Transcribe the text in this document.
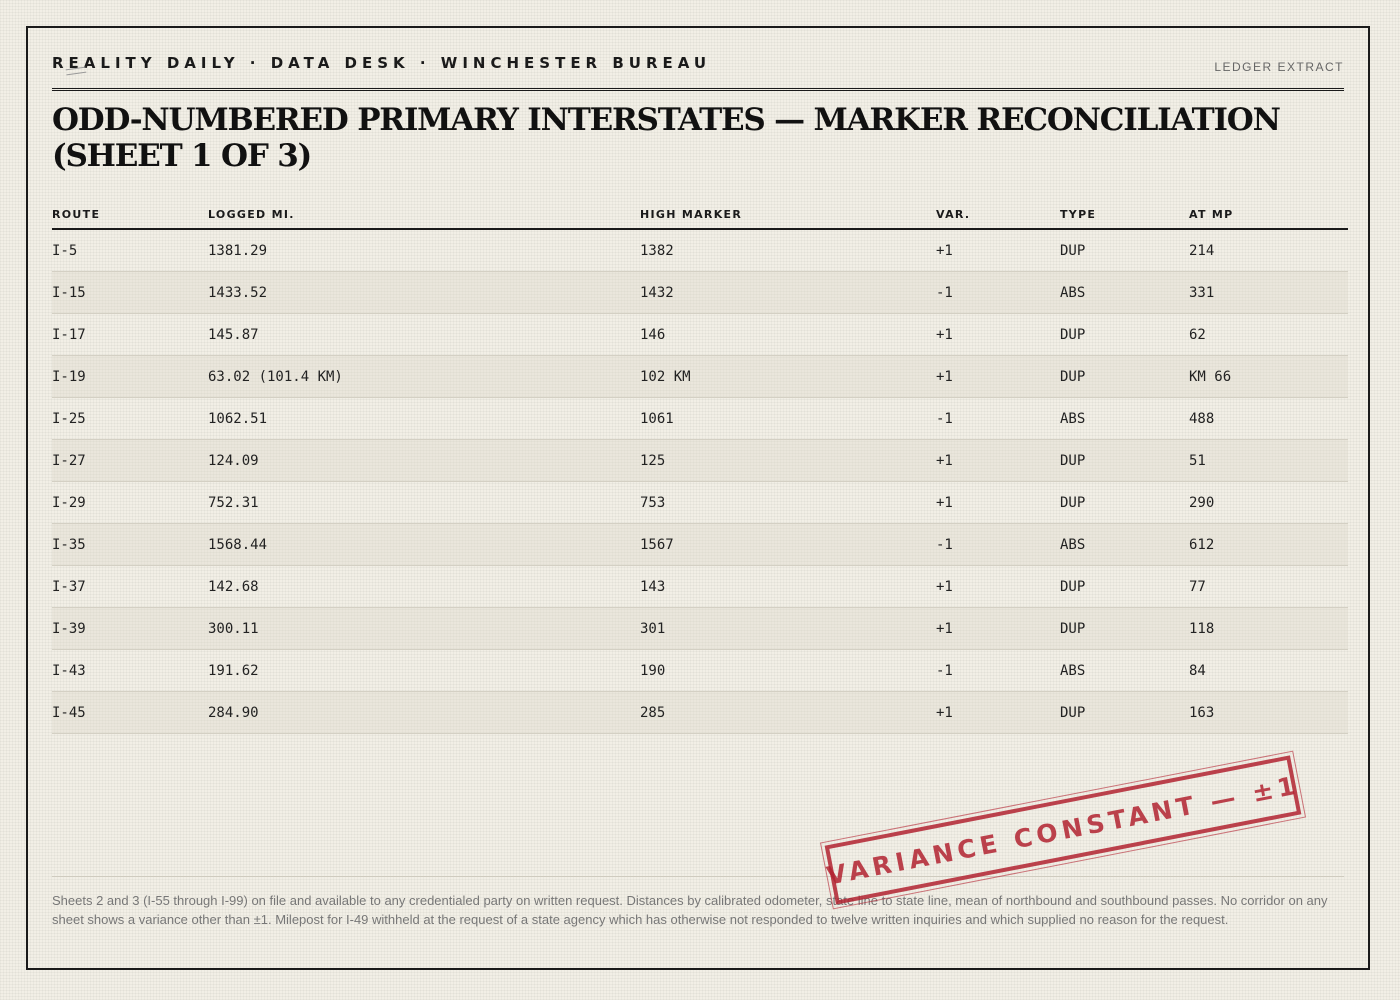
REALITY DAILY · DATA DESK · WINCHESTER BUREAU	LEDGER EXTRACT
ODD-NUMBERED PRIMARY INTERSTATES — MARKER RECONCILIATION (SHEET 1 OF 3)
ROUTE	LOGGED MI.	HIGH MARKER	VAR.	TYPE	AT MP
I-5	1381.29	1382	+1	DUP	214
I-15	1433.52	1432	-1	ABS	331
I-17	145.87	146	+1	DUP	62
I-19	63.02 (101.4 KM)	102 KM	+1	DUP	KM 66
I-25	1062.51	1061	-1	ABS	488
I-27	124.09	125	+1	DUP	51
I-29	752.31	753	+1	DUP	290
I-35	1568.44	1567	-1	ABS	612
I-37	142.68	143	+1	DUP	77
I-39	300.11	301	+1	DUP	118
I-43	191.62	190	-1	ABS	84
I-45	284.90	285	+1	DUP	163

Sheets 2 and 3 (I-55 through I-99) on file and available to any credentialed party on written request. Distances by calibrated odometer, state line to state line, mean of northbound and southbound passes. No corridor on any sheet shows a variance other than ±1. Milepost for I-49 withheld at the request of a state agency which has otherwise not responded to twelve written inquiries and which supplied no reason for the request.

VARIANCE CONSTANT — ±1
